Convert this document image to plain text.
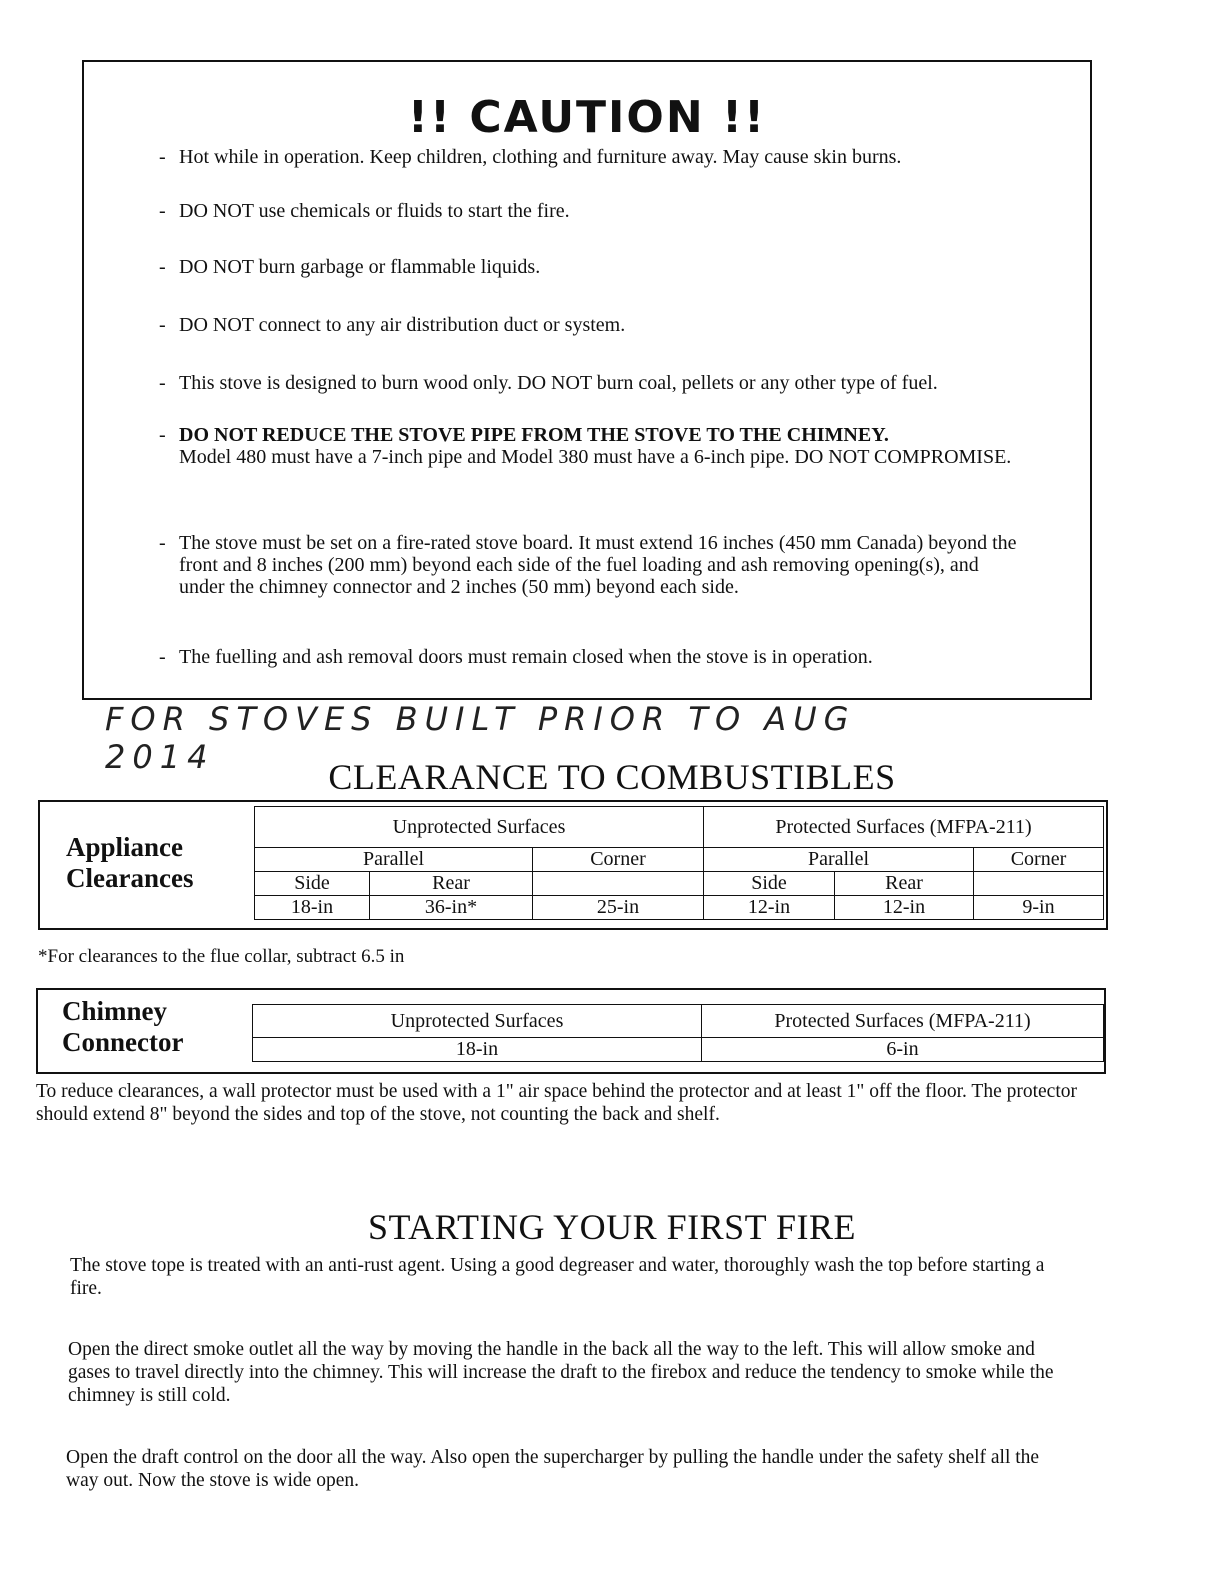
!! CAUTION !!
- Hot while in operation. Keep children, clothing and furniture away. May cause skin burns.
- DO NOT use chemicals or fluids to start the fire.
- DO NOT burn garbage or flammable liquids.
- DO NOT connect to any air distribution duct or system.
- This stove is designed to burn wood only. DO NOT burn coal, pellets or any other type of fuel.
- DO NOT REDUCE THE STOVE PIPE FROM THE STOVE TO THE CHIMNEY.
Model 480 must have a 7-inch pipe and Model 380 must have a 6-inch pipe. DO NOT COMPROMISE.
- The stove must be set on a fire-rated stove board. It must extend 16 inches (450 mm Canada) beyond the front and 8 inches (200 mm) beyond each side of the fuel loading and ash removing opening(s), and under the chimney connector and 2 inches (50 mm) beyond each side.
- The fuelling and ash removal doors must remain closed when the stove is in operation.
FOR STOVES BUILT PRIOR TO AUG 2014	CLEARANCE TO COMBUSTIBLES
Appliance
Clearances
Unprotected Surfaces			Protected Surfaces (MFPA-211)		
Parallel		Corner	Parallel		Corner
Side	Rear		Side	Rear	
18-in	36-in*	25-in	12-in	12-in	9-in
*For clearances to the flue collar, subtract 6.5 in
Chimney
Connector
Unprotected Surfaces	Protected Surfaces (MFPA-211)
18-in	6-in
To reduce clearances, a wall protector must be used with a 1" air space behind the protector and at least 1" off the floor. The protector should extend 8" beyond the sides and top of the stove, not counting the back and shelf.
STARTING YOUR FIRST FIRE
The stove tope is treated with an anti-rust agent. Using a good degreaser and water, thoroughly wash the top before starting a fire.
Open the direct smoke outlet all the way by moving the handle in the back all the way to the left. This will allow smoke and gases to travel directly into the chimney. This will increase the draft to the firebox and reduce the tendency to smoke while the chimney is still cold.
Open the draft control on the door all the way. Also open the supercharger by pulling the handle under the safety shelf all the way out. Now the stove is wide open.
